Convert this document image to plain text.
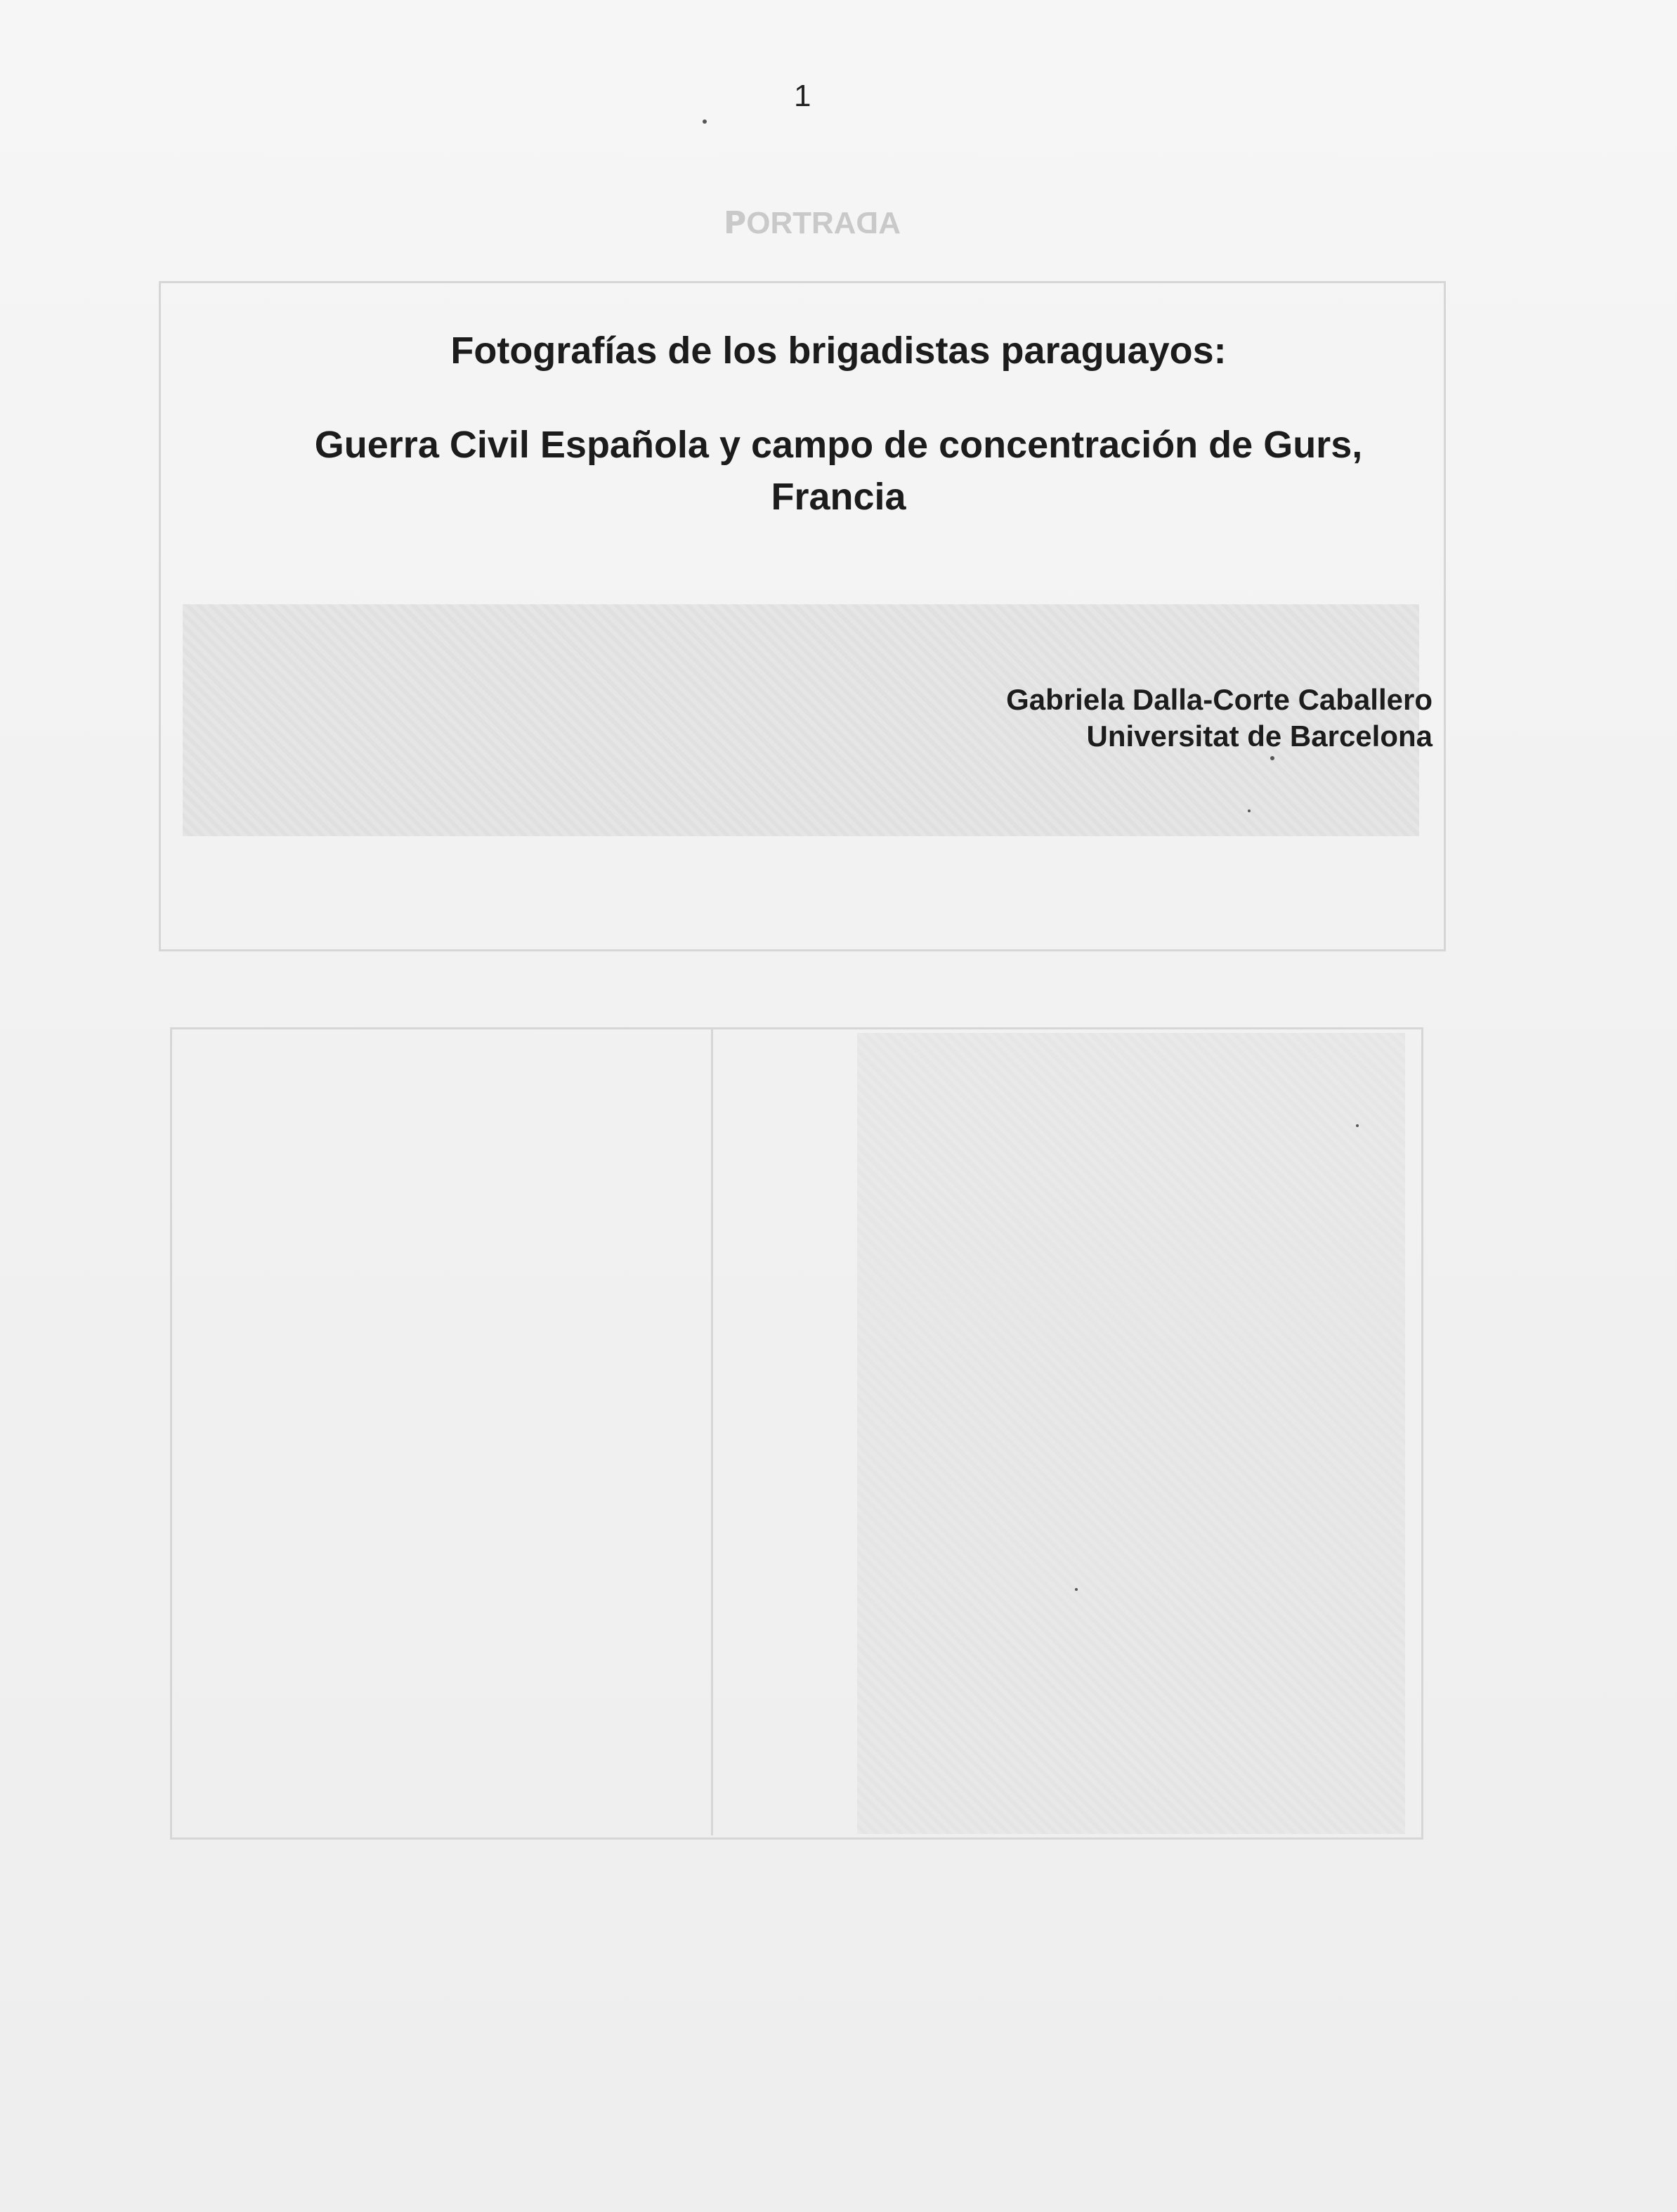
ADAЯTЯOꟼ
1
Fotografías de los brigadistas paraguayos:
Guerra Civil Española y campo de concentración de Gurs,
Francia
Gabriela Dalla-Corte Caballero
Universitat de Barcelona
